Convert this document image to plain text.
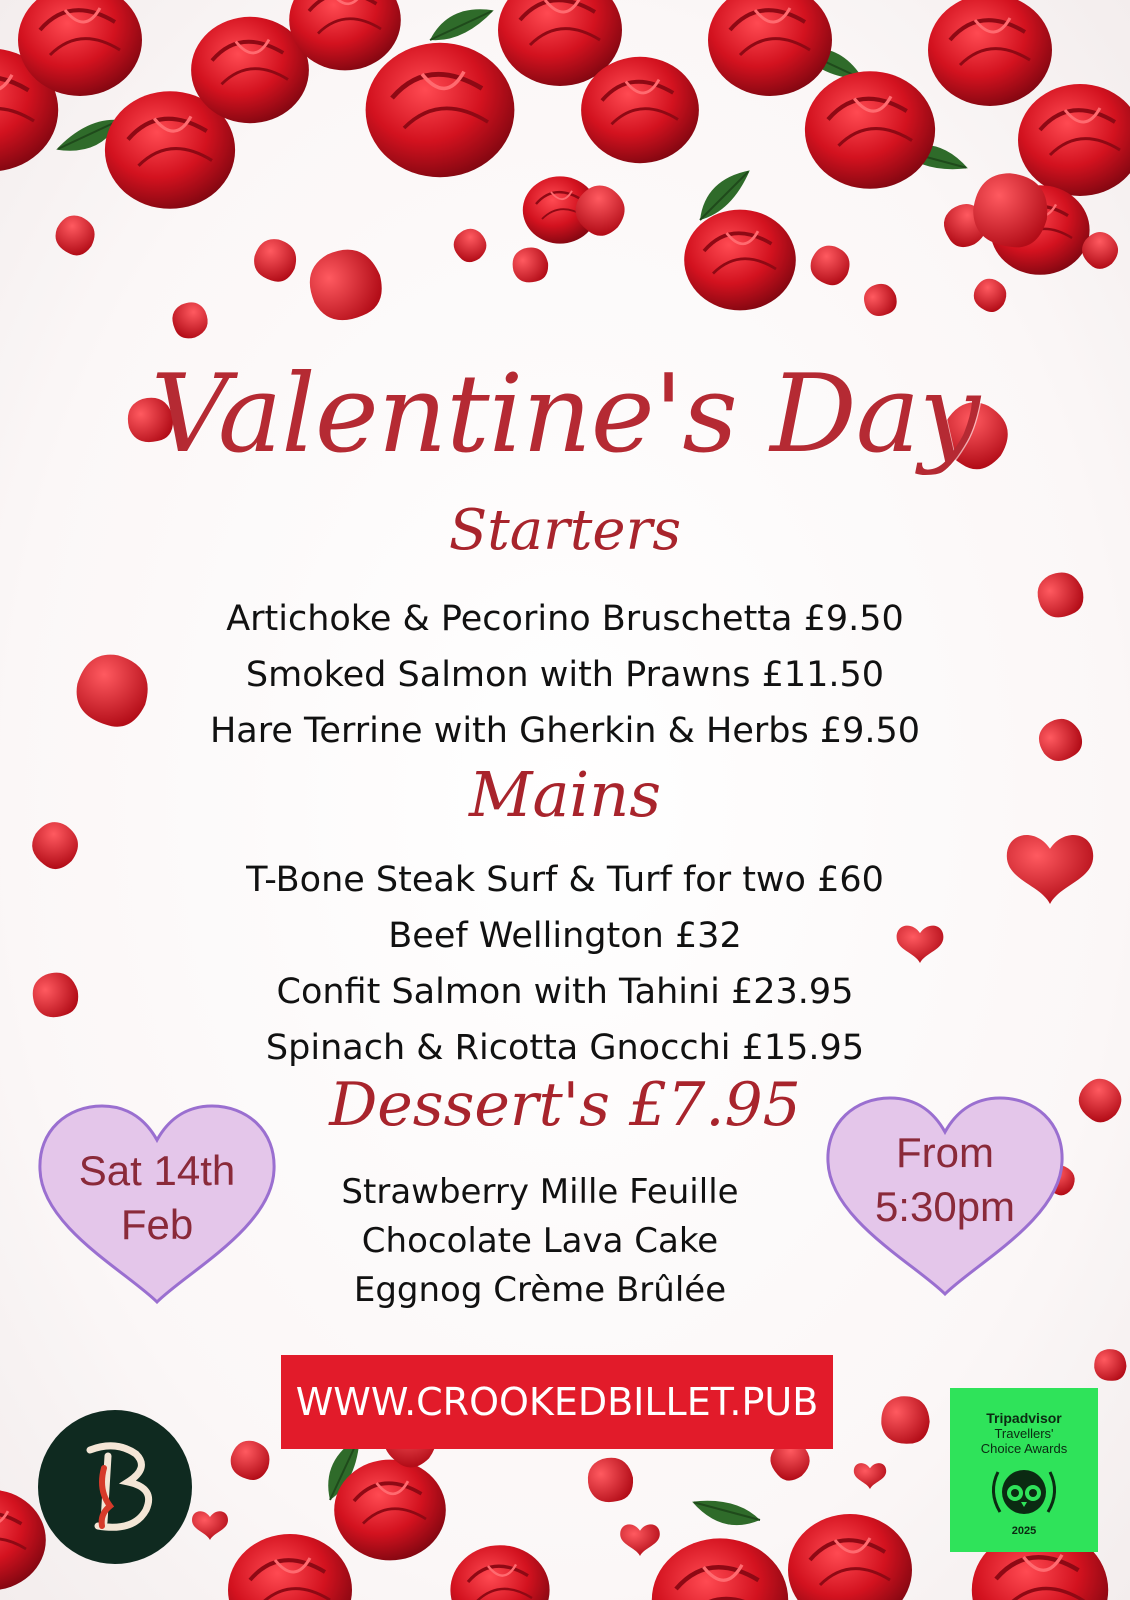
Valentine's Day
Starters
Artichoke & Pecorino Bruschetta £9.50
Smoked Salmon with Prawns £11.50
Hare Terrine with Gherkin & Herbs £9.50
Mains
T-Bone Steak Surf & Turf for two £60
Beef Wellington £32
Confit Salmon with Tahini £23.95
Spinach & Ricotta Gnocchi £15.95
Dessert's £7.95
Strawberry Mille Feuille
Chocolate Lava Cake
Eggnog Crème Brûlée
Sat 14th
Feb
From
5:30pm
WWW.CROOKEDBILLET.PUB	Tripadvisor
Travellers'
Choice Awards
2025
